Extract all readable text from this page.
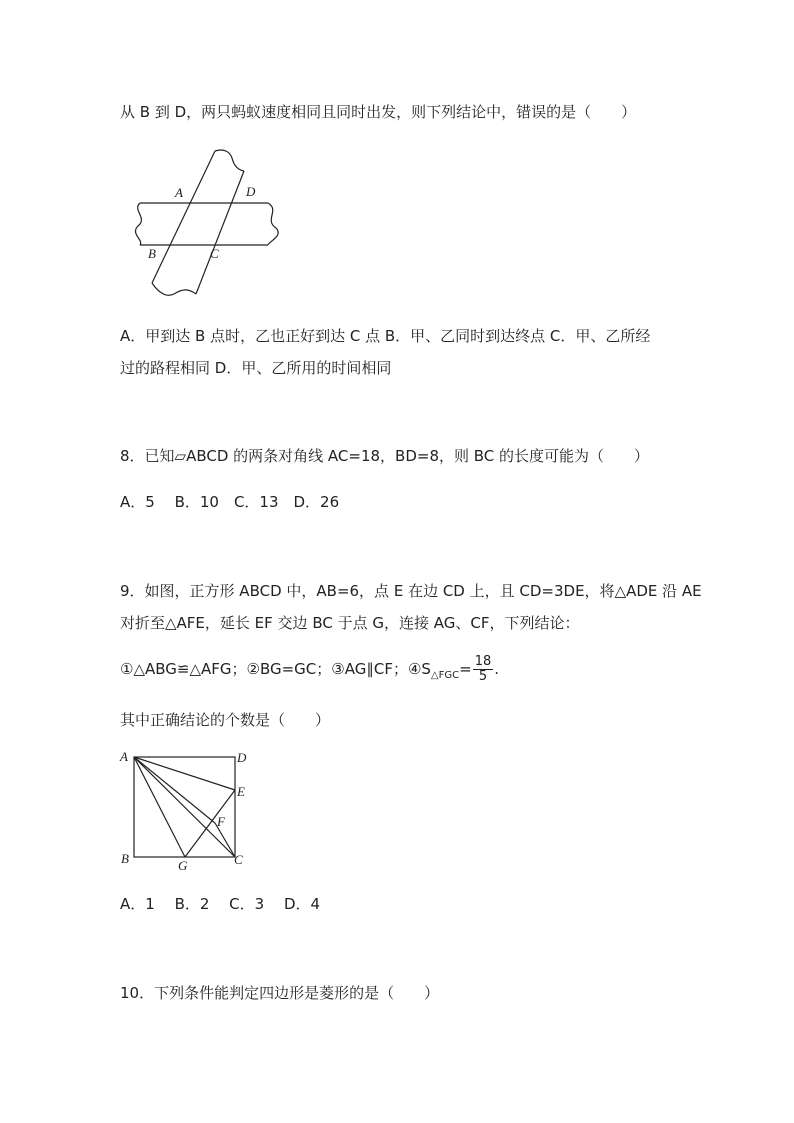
从 B 到 D，两只蚂蚁速度相同且同时出发，则下列结论中，错误的是（　　）
A	D
B	C
A．甲到达 B 点时，乙也正好到达 C 点 B．甲、乙同时到达终点 C．甲、乙所经
过的路程相同 D．甲、乙所用的时间相同
8．已知▱ABCD 的两条对角线 AC=18，BD=8，则 BC 的长度可能为（　　）
A．5　 B．10　C．13　D．26
9．如图，正方形 ABCD 中，AB=6，点 E 在边 CD 上，且 CD=3DE，将△ADE 沿 AE
对折至△AFE，延长 EF 交边 BC 于点 G，连接 AG、CF，下列结论：
①△ABG≌△AFG；②BG=GC；③AG∥CF；$④S_{\triangle FGC}= \frac{18}{5}$ .
其中正确结论的个数是（　　）
A	D
E
F
B	G	C
A．1　 B．2　 C．3　 D．4
10．下列条件能判定四边形是菱形的是（　　）
